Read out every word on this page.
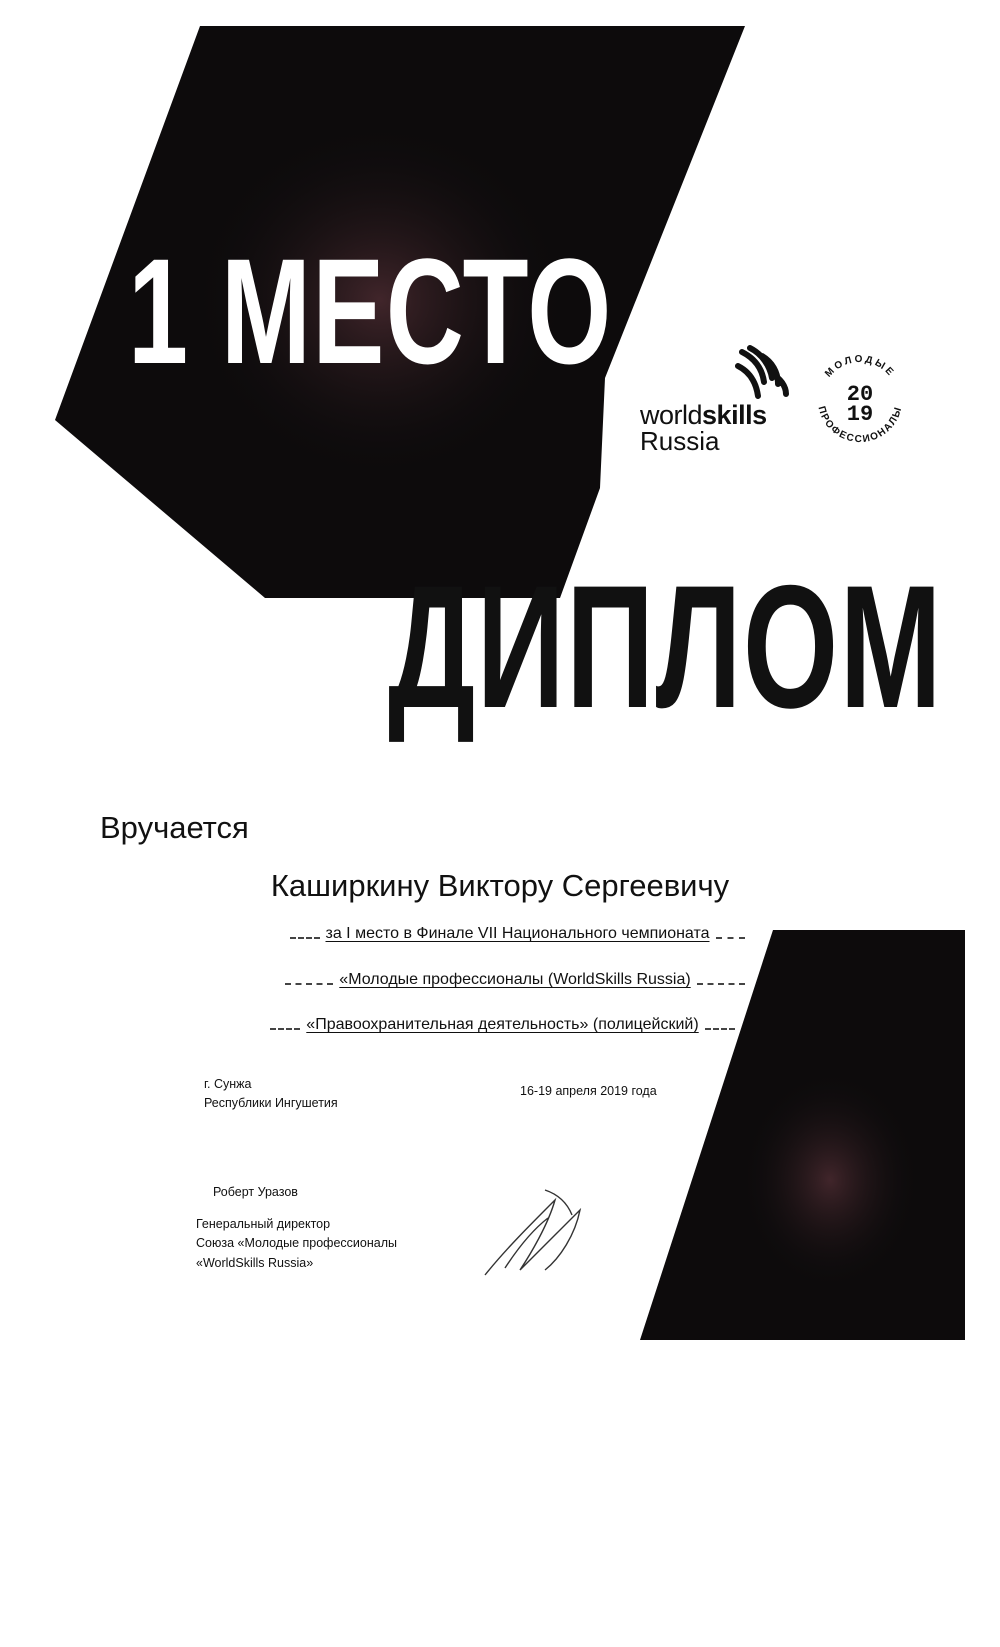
1 МЕСТО
ДИПЛОМ
worldskills
Russia
МОЛОДЫЕ
ПРОФЕССИОНАЛЫ
20
19
Вручается
Каширкину Виктору Сергеевичу
за I место в Финале VII Национального чемпионата
«Молодые профессионалы (WorldSkills Russia)
«Правоохранительная деятельность» (полицейский)
г. Сунжа
Республики Ингушетия
16-19 апреля 2019 года
Роберт Уразов
Генеральный директор
Союза «Молодые профессионалы
«WorldSkills Russia»
